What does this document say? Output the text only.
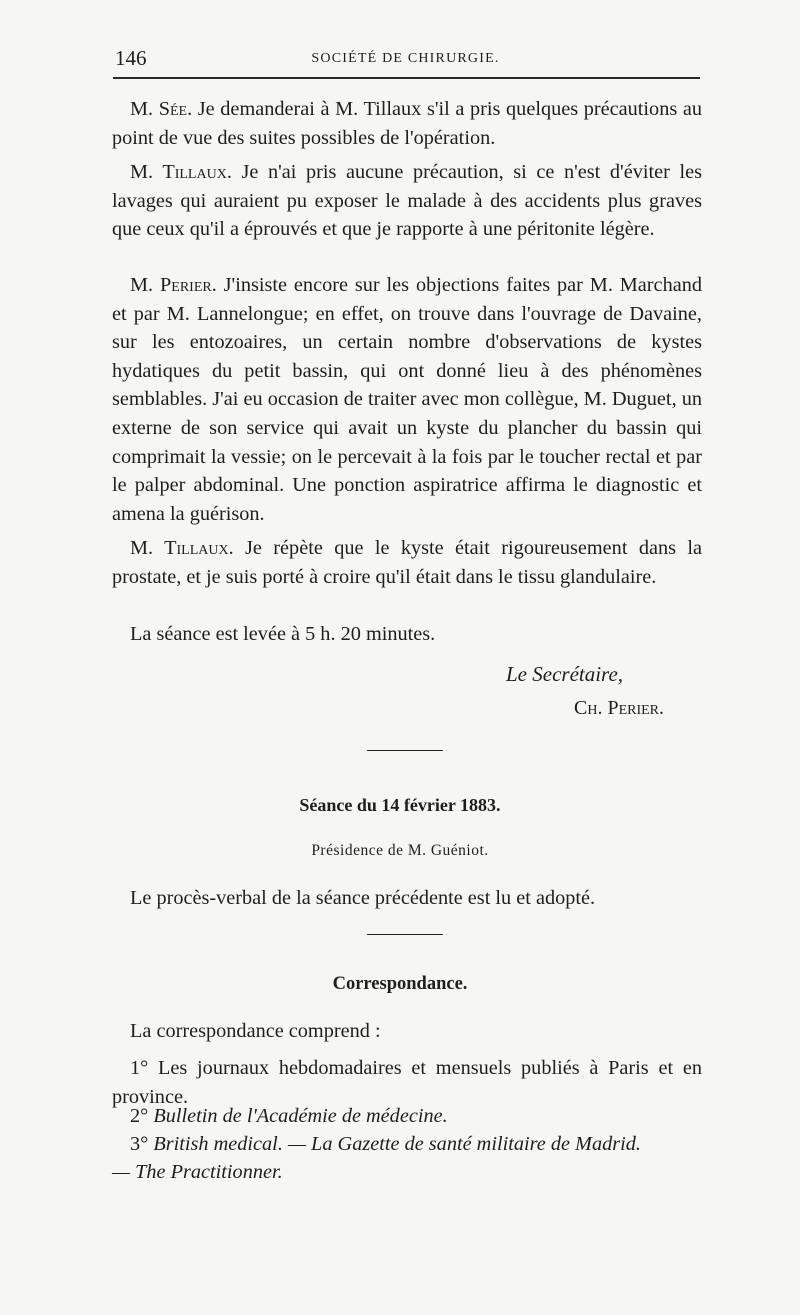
146	SOCIÉTÉ DE CHIRURGIE.

M. Sée. Je demanderai à M. Tillaux s'il a pris quelques précautions au point de vue des suites possibles de l'opération.

M. Tillaux. Je n'ai pris aucune précaution, si ce n'est d'éviter les lavages qui auraient pu exposer le malade à des accidents plus graves que ceux qu'il a éprouvés et que je rapporte à une péritonite légère.

M. Perier. J'insiste encore sur les objections faites par M. Marchand et par M. Lannelongue; en effet, on trouve dans l'ouvrage de Davaine, sur les entozoaires, un certain nombre d'observations de kystes hydatiques du petit bassin, qui ont donné lieu à des phénomènes semblables. J'ai eu occasion de traiter avec mon collègue, M. Duguet, un externe de son service qui avait un kyste du plancher du bassin qui comprimait la vessie; on le percevait à la fois par le toucher rectal et par le palper abdominal. Une ponction aspiratrice affirma le diagnostic et amena la guérison.

M. Tillaux. Je répète que le kyste était rigoureusement dans la prostate, et je suis porté à croire qu'il était dans le tissu glandulaire.

La séance est levée à 5 h. 20 minutes.

Le Secrétaire,
Ch. Perier.
Séance du 14 février 1883.
Présidence de M. Guéniot.

Le procès-verbal de la séance précédente est lu et adopté.

Correspondance.

La correspondance comprend :

1° Les journaux hebdomadaires et mensuels publiés à Paris et en province.

2° Bulletin de l'Académie de médecine.

3° British medical. — La Gazette de santé militaire de Madrid.

— The Practitionner.
